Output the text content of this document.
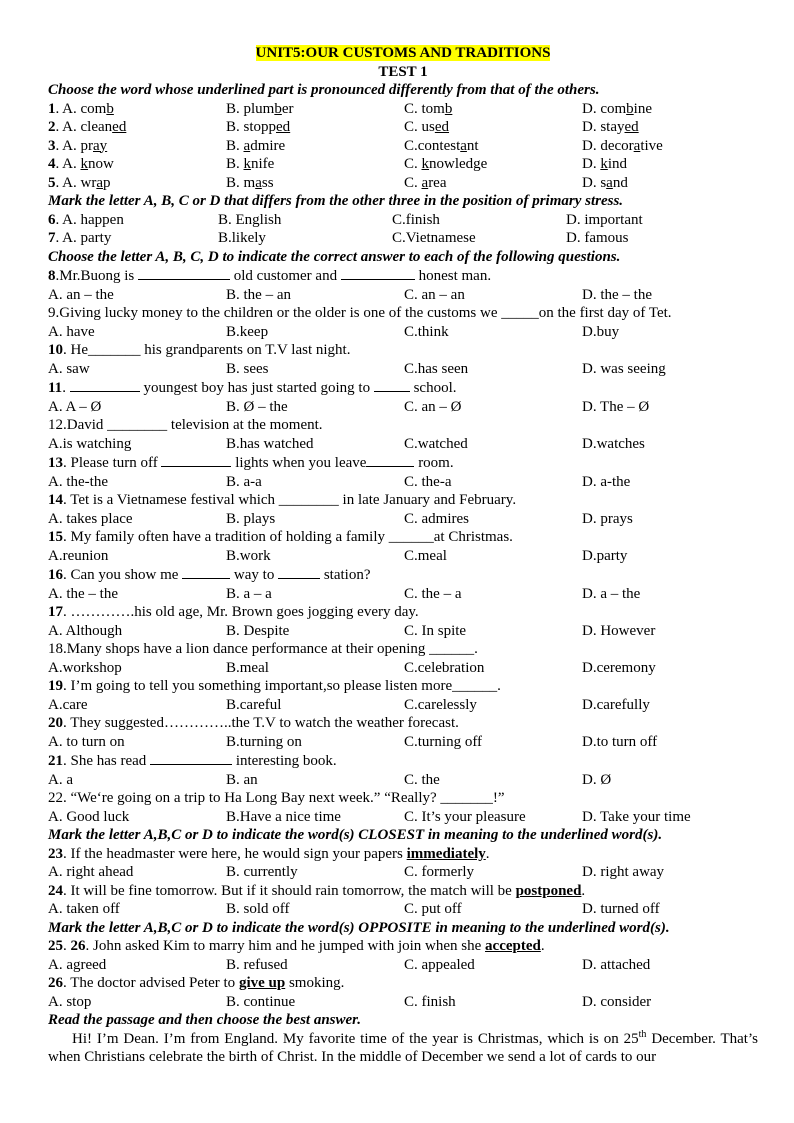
UNIT5:OUR CUSTOMS AND TRADITIONS
TEST 1
Choose the word whose underlined part is pronounced differently from that of the others.
1. A. comb	B. plumber	C. tomb	D. combine
2. A. cleaned	B. stopped	C. used	D. stayed
3. A. pray	B. admire	C.contestant	D. decorative
4. A. know	B. knife	C. knowledge	D. kind
5. A. wrap	B. mass	C. area	D. sand
Mark the letter A, B, C or D that differs from the other three in the position of primary stress.
6. A. happen	B. English	C.finish	D. important
7. A. party	B.likely	C.Vietnamese	D. famous
Choose the letter A, B, C, D to indicate the correct answer to each of the following questions.
8.Mr.Buong is	old customer and	honest man.
A. an – the	B. the – an	C. an – an	D. the – the
9.Giving lucky money to the children or the older is one of the customs we _____on the first day of Tet.
A. have	B.keep	C.think	D.buy
10. He_______ his grandparents on T.V last night.
A. saw	B. sees	C.has seen	D. was seeing
11.	youngest boy has just started going to  school.
A. A – Ø	B. Ø – the	C. an – Ø	D. The – Ø
12.David ________ television at the moment.
A.is watching	B.has watched	C.watched	D.watches
13. Please turn off	lights when you leave	room.
A. the-the	B. a-a	C. the-a	D. a-the
14. Tet is a Vietnamese festival which ________ in late January and February.
A. takes place	B. plays	C. admires	D. prays
15. My family often have a tradition of holding a family ______at Christmas.
A.reunion	B.work	C.meal	D.party
16. Can you show me	way to	station?
A. the – the	B. a – a	C. the – a	D. a – the
17. ………….his old age, Mr. Brown goes jogging every day.
A. Although	B. Despite	C. In spite	D. However
18.Many shops have a lion dance performance at their opening ______.
A.workshop	B.meal	C.celebration	D.ceremony
19. I’m going to tell you something important,so please listen more______.
A.care	B.careful	C.carelessly	D.carefully
20. They suggested…………..the T.V to watch the weather forecast.
A. to turn on	B.turning on	C.turning off	D.to turn off
21. She has read	interesting book.
A. a	B. an	C. the	D. Ø
22. “We‘re going on a trip to Ha Long Bay next week.” “Really? _______!”
A. Good luck	B.Have a nice time	C. It’s your pleasure	D. Take your time
Mark the letter A,B,C or D to indicate the word(s) CLOSEST in meaning to the underlined word(s).
23. If the headmaster were here, he would sign your papers immediately.
A. right ahead	B. currently	C. formerly	D. right away
24. It will be fine tomorrow. But if it should rain tomorrow, the match will be postponed.
A. taken off	B. sold off	C. put off	D. turned off
Mark the letter A,B,C or D to indicate the word(s) OPPOSITE in meaning to the underlined word(s).
25. 26. John asked Kim to marry him and he jumped with join when she accepted.
A. agreed	B. refused	C. appealed	D. attached
26. The doctor advised Peter to give up smoking.
A. stop	B. continue	C. finish	D. consider
Read the passage and then choose the best answer.
Hi! I’m Dean. I’m from England. My favorite time of the year is Christmas, which is on 25th December. That’s when Christians celebrate the birth of Christ. In the middle of December we send a lot of cards to our
